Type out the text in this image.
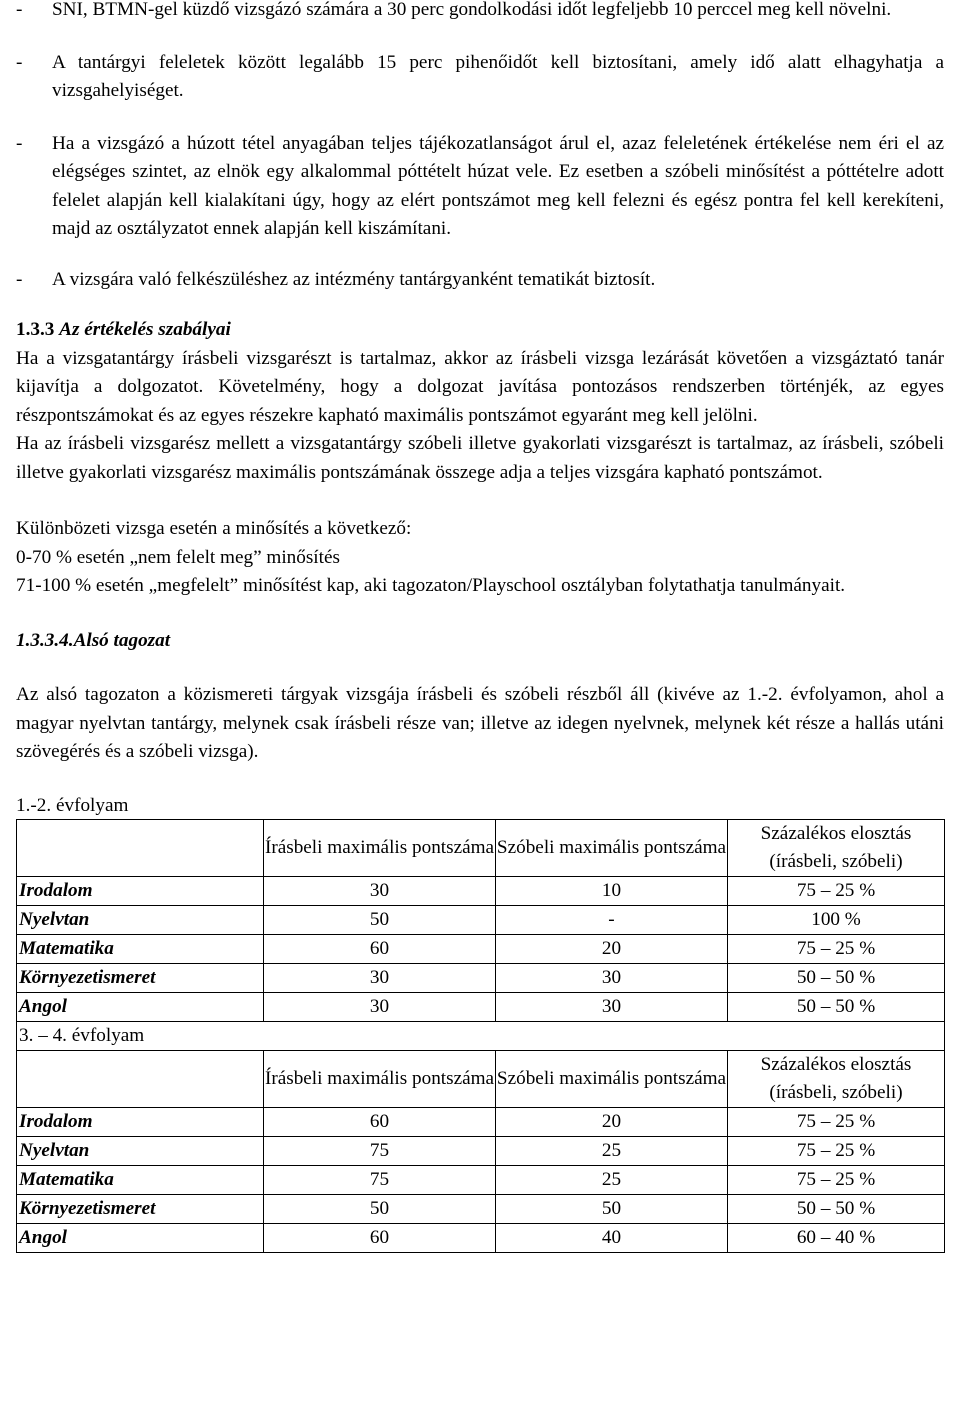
-	SNI, BTMN-gel küzdő vizsgázó számára a 30 perc gondolkodási időt legfeljebb 10 perccel meg kell növelni.
-	A tantárgyi feleletek között legalább 15 perc pihenőidőt kell biztosítani, amely idő alatt elhagyhatja a vizsgahelyiséget.
-	Ha a vizsgázó a húzott tétel anyagában teljes tájékozatlanságot árul el, azaz feleletének értékelése nem éri el az elégséges szintet, az elnök egy alkalommal póttételt húzat vele. Ez esetben a szóbeli minősítést a póttételre adott felelet alapján kell kialakítani úgy, hogy az elért pontszámot meg kell felezni és egész pontra fel kell kerekíteni, majd az osztályzatot ennek alapján kell kiszámítani.
-	A vizsgára való felkészüléshez az intézmény tantárgyanként tematikát biztosít.
1.3.3 Az értékelés szabályai

Ha a vizsgatantárgy írásbeli vizsgarészt is tartalmaz, akkor az írásbeli vizsga lezárását követően a vizsgáztató tanár kijavítja a dolgozatot. Követelmény, hogy a dolgozat javítása pontozásos rendszerben történjék, az egyes részpontszámokat és az egyes részekre kapható maximális pontszámot egyaránt meg kell jelölni.

Ha az írásbeli vizsgarész mellett a vizsgatantárgy szóbeli illetve gyakorlati vizsgarészt is tartalmaz, az írásbeli, szóbeli illetve gyakorlati vizsgarész maximális pontszámának összege adja a teljes vizsgára kapható pontszámot.

Különbözeti vizsga esetén a minősítés a következő:

0-70 % esetén „nem felelt meg” minősítés

71-100 % esetén „megfelelt” minősítést kap, aki tagozaton/Playschool osztályban folytathatja tanulmányait.

1.3.3.4.Alsó tagozat

Az alsó tagozaton a közismereti tárgyak vizsgája írásbeli és szóbeli részből áll (kivéve az 1.-2. évfolyamon, ahol a magyar nyelvtan tantárgy, melynek csak írásbeli része van; illetve az idegen nyelvnek, melynek két része a hallás utáni szövegérés és a szóbeli vizsga).

1.-2. évfolyam

	Írásbeli maximális pontszáma	Szóbeli maximális pontszáma	Százalékos elosztás (írásbeli, szóbeli)
Irodalom	30	10	75 – 25 %
Nyelvtan	50	-	100 %
Matematika	60	20	75 – 25 %
Környezetismeret	30	30	50 – 50 %
Angol	30	30	50 – 50 %
3. – 4. évfolyam			
	Írásbeli maximális pontszáma	Szóbeli maximális pontszáma	Százalékos elosztás (írásbeli, szóbeli)
Irodalom	60	20	75 – 25 %
Nyelvtan	75	25	75 – 25 %
Matematika	75	25	75 – 25 %
Környezetismeret	50	50	50 – 50 %
Angol	60	40	60 – 40 %
